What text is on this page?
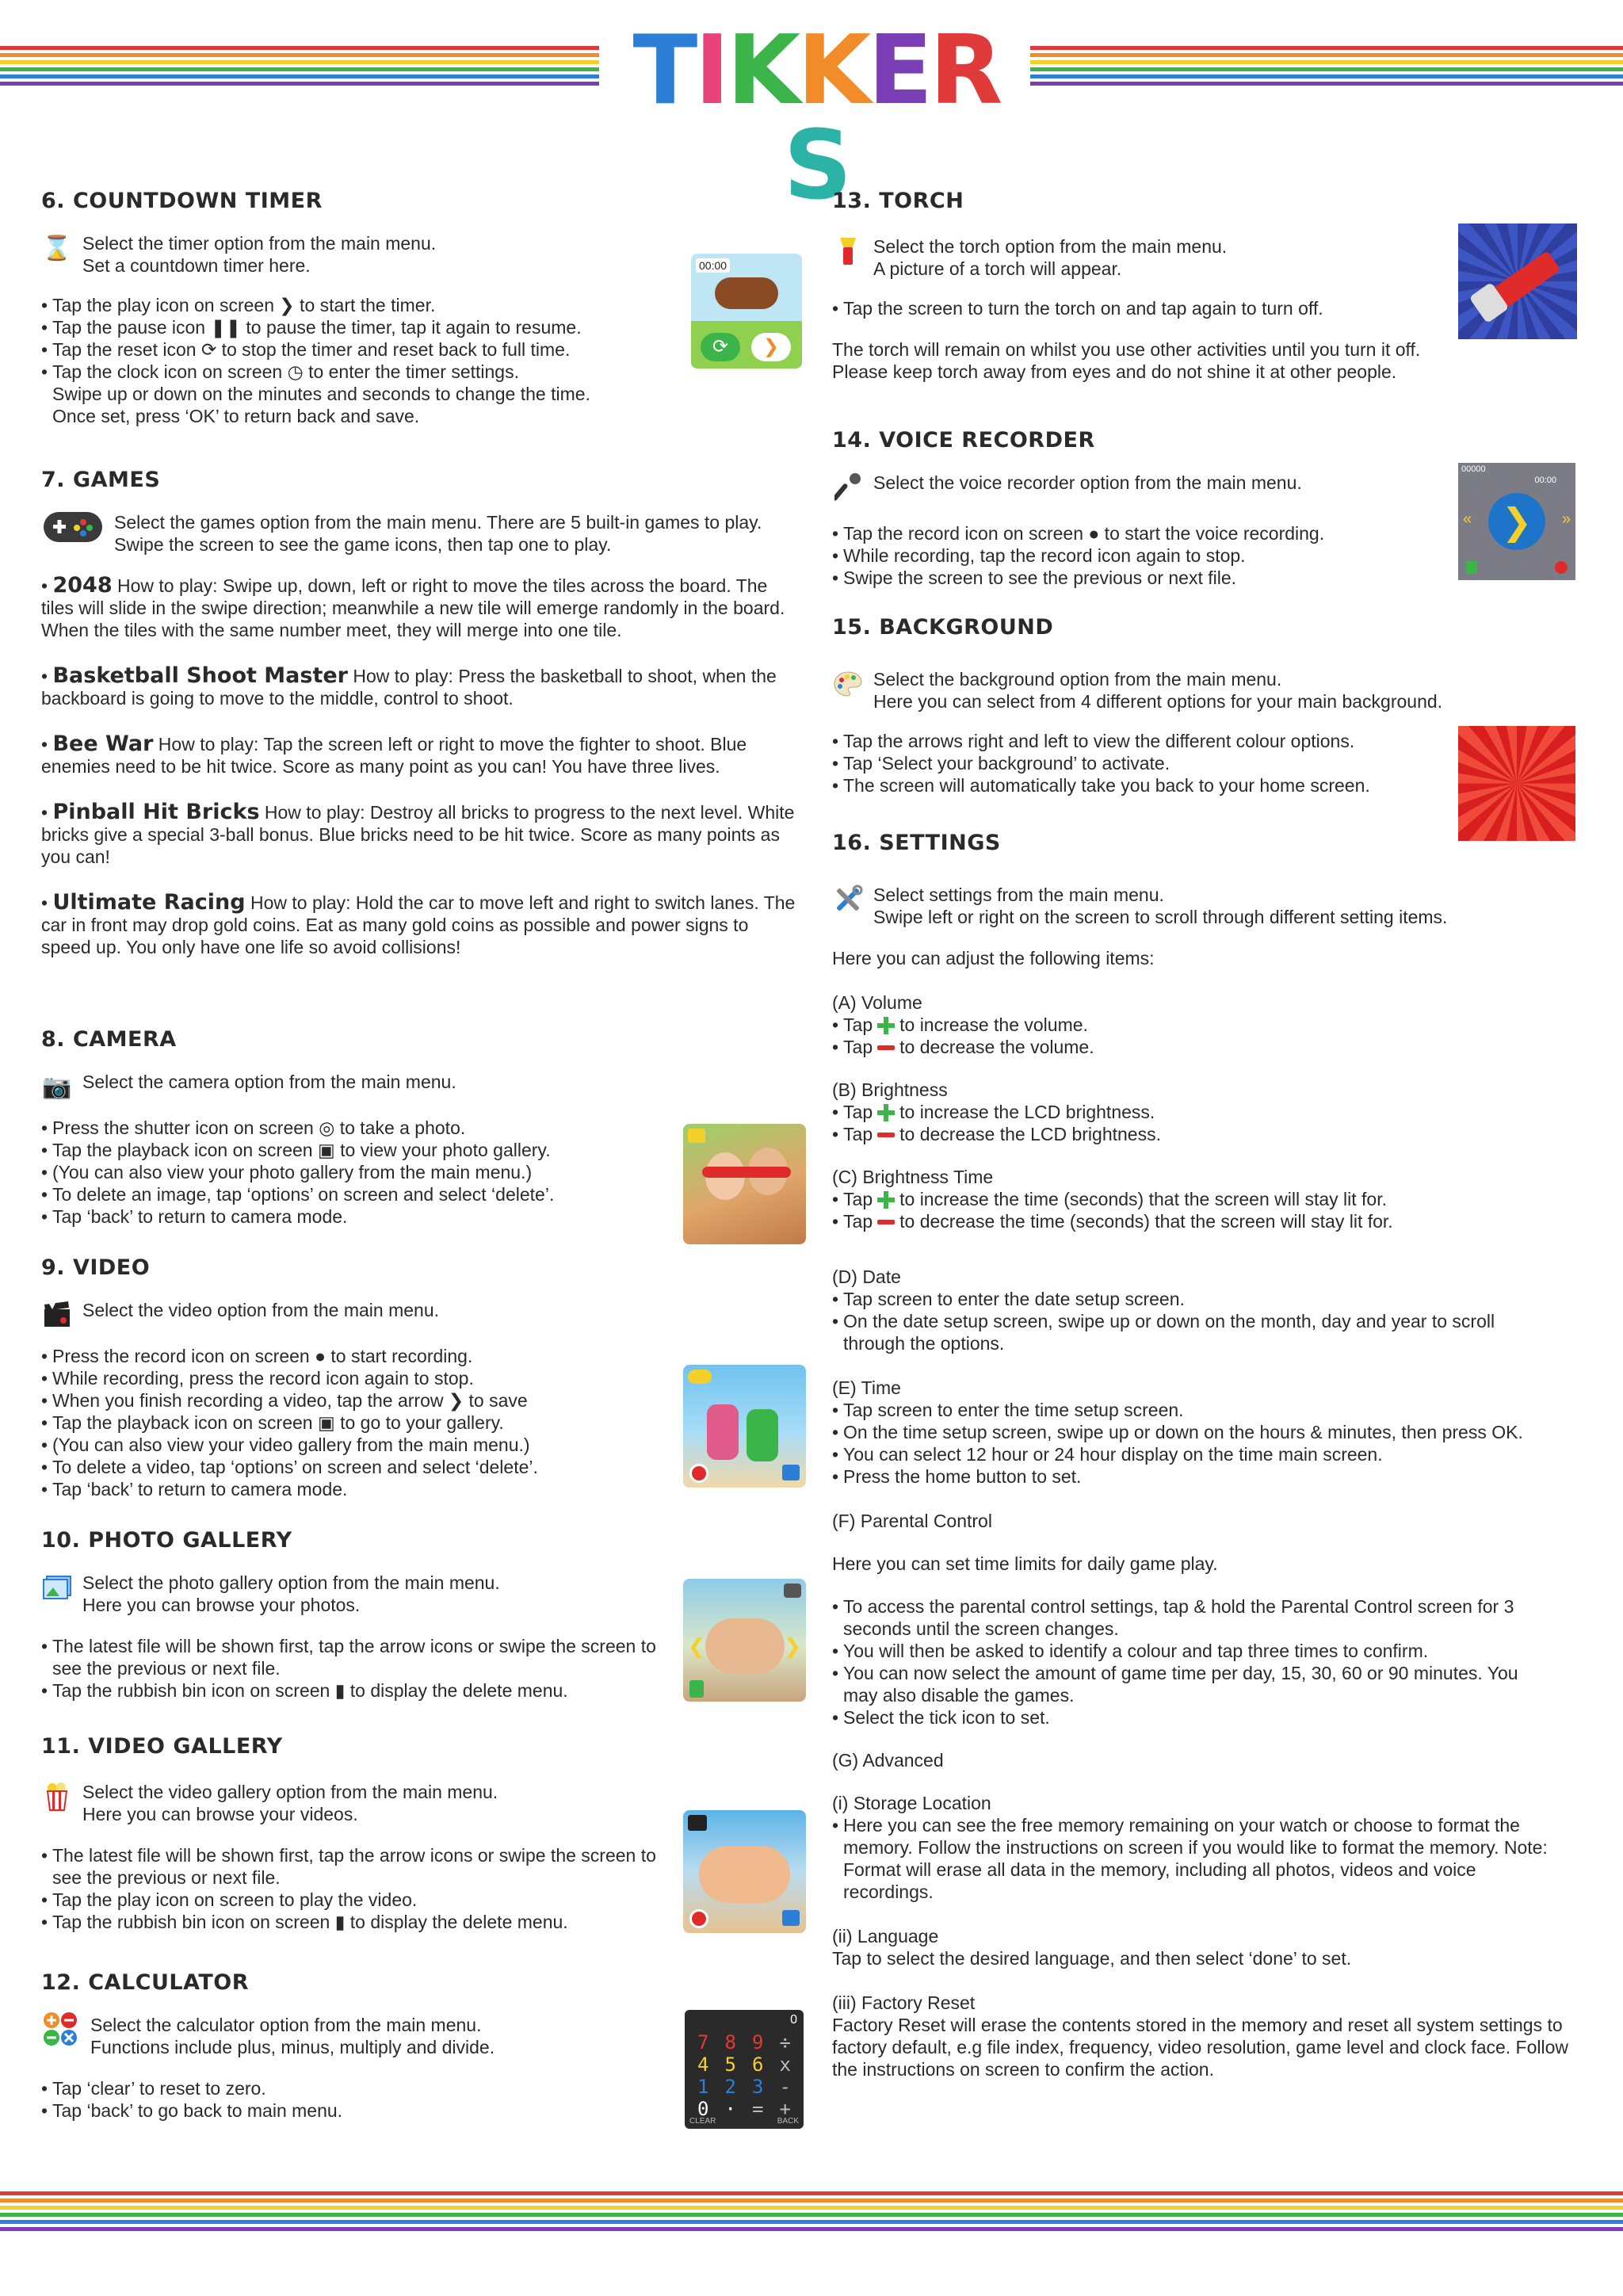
TIKKERS
6. COUNTDOWN TIMER
⌛ Select the timer option from the main menu.

Set a countdown timer here.

• Tap the play icon on screen ❯ to start the timer.
• Tap the pause icon ❚❚ to pause the timer, tap it again to resume.
• Tap the reset icon ⟳ to stop the timer and reset back to full time.
• Tap the clock icon on screen ◷ to enter the timer settings.

Swipe up or down on the minutes and seconds to change the time.

Once set, press ‘OK’ to return back and save.

00:00
⟳	❯
7. GAMES

Select the games option from the main menu. There are 5 built-in games to play.

Swipe the screen to see the game icons, then tap one to play.

• 2048 How to play: Swipe up, down, left or right to move the tiles across the board. The tiles will slide in the swipe direction; meanwhile a new tile will emerge randomly in the board. When the tiles with the same number meet, they will merge into one tile.

• Basketball Shoot Master How to play: Press the basketball to shoot, when the backboard is going to move to the middle, control to shoot.

• Bee War How to play: Tap the screen left or right to move the fighter to shoot. Blue enemies need to be hit twice. Score as many point as you can! You have three lives.

• Pinball Hit Bricks How to play: Destroy all bricks to progress to the next level. White bricks give a special 3-ball bonus. Blue bricks need to be hit twice. Score as many points as you can!

• Ultimate Racing How to play: Hold the car to move left and right to switch lanes. The car in front may drop gold coins. Eat as many gold coins as possible and power signs to speed up. You only have one life so avoid collisions!

8. CAMERA
📷 Select the camera option from the main menu.

• Press the shutter icon on screen ◎ to take a photo.
• Tap the playback icon on screen ▣ to view your photo gallery.
• (You can also view your photo gallery from the main menu.)
• To delete an image, tap ‘options’ on screen and select ‘delete’.
• Tap ‘back’ to return to camera mode.
9. VIDEO

Select the video option from the main menu.

• Press the record icon on screen ● to start recording.
• While recording, press the record icon again to stop.
• When you finish recording a video, tap the arrow ❯ to save
• Tap the playback icon on screen ▣ to go to your gallery.
• (You can also view your video gallery from the main menu.)
• To delete a video, tap ‘options’ on screen and select ‘delete’.
• Tap ‘back’ to return to camera mode.
10. PHOTO GALLERY

Select the photo gallery option from the main menu.

Here you can browse your photos.

• The latest file will be shown first, tap the arrow icons or swipe the screen to see the previous or next file.
• Tap the rubbish bin icon on screen ▮ to display the delete menu.
❮	❯
11. VIDEO GALLERY

Select the video gallery option from the main menu.

Here you can browse your videos.

• The latest file will be shown first, tap the arrow icons or swipe the screen to see the previous or next file.
• Tap the play icon on screen to play the video.
• Tap the rubbish bin icon on screen ▮ to display the delete menu.
12. CALCULATOR

Select the calculator option from the main menu.

Functions include plus, minus, multiply and divide.

• Tap ‘clear’ to reset to zero.
• Tap ‘back’ to go back to main menu.
0
7 8 9 ÷
4 5 6 x
1 2 3 -
0 · = +
CLEAR	BACK
13. TORCH

Select the torch option from the main menu.

A picture of a torch will appear.

• Tap the screen to turn the torch on and tap again to turn off.

The torch will remain on whilst you use other activities until you turn it off.

Please keep torch away from eyes and do not shine it at other people.

14. VOICE RECORDER

Select the voice recorder option from the main menu.

• Tap the record icon on screen ● to start the voice recording.
• While recording, tap the record icon again to stop.
• Swipe the screen to see the previous or next file.
00000
00:00
❯
«	»
15. BACKGROUND

Select the background option from the main menu.

Here you can select from 4 different options for your main background.

• Tap the arrows right and left to view the different colour options.
• Tap ‘Select your background’ to activate.
• The screen will automatically take you back to your home screen.
16. SETTINGS

Select settings from the main menu.

Swipe left or right on the screen to scroll through different setting items.

Here you can adjust the following items:

(A) Volume

• Tap to increase the volume.

• Tap to decrease the volume.

(B) Brightness

• Tap to increase the LCD brightness.

• Tap to decrease the LCD brightness.

(C) Brightness Time

• Tap to increase the time (seconds) that the screen will stay lit for.

• Tap to decrease the time (seconds) that the screen will stay lit for.

(D) Date

• Tap screen to enter the date setup screen.
• On the date setup screen, swipe up or down on the month, day and year to scroll through the options.

(E) Time

• Tap screen to enter the time setup screen.
• On the time setup screen, swipe up or down on the hours & minutes, then press OK.
• You can select 12 hour or 24 hour display on the time main screen.
• Press the home button to set.

(F) Parental Control

Here you can set time limits for daily game play.

• To access the parental control settings, tap & hold the Parental Control screen for 3 seconds until the screen changes.
• You will then be asked to identify a colour and tap three times to confirm.
• You can now select the amount of game time per day, 15, 30, 60 or 90 minutes. You may also disable the games.
• Select the tick icon to set.

(G) Advanced

(i) Storage Location

• Here you can see the free memory remaining on your watch or choose to format the memory. Follow the instructions on screen if you would like to format the memory. Note: Format will erase all data in the memory, including all photos, videos and voice recordings.

(ii) Language

Tap to select the desired language, and then select ‘done’ to set.

(iii) Factory Reset

Factory Reset will erase the contents stored in the memory and reset all system settings to factory default, e.g file index, frequency, video resolution, game level and clock face. Follow the instructions on screen to confirm the action.
